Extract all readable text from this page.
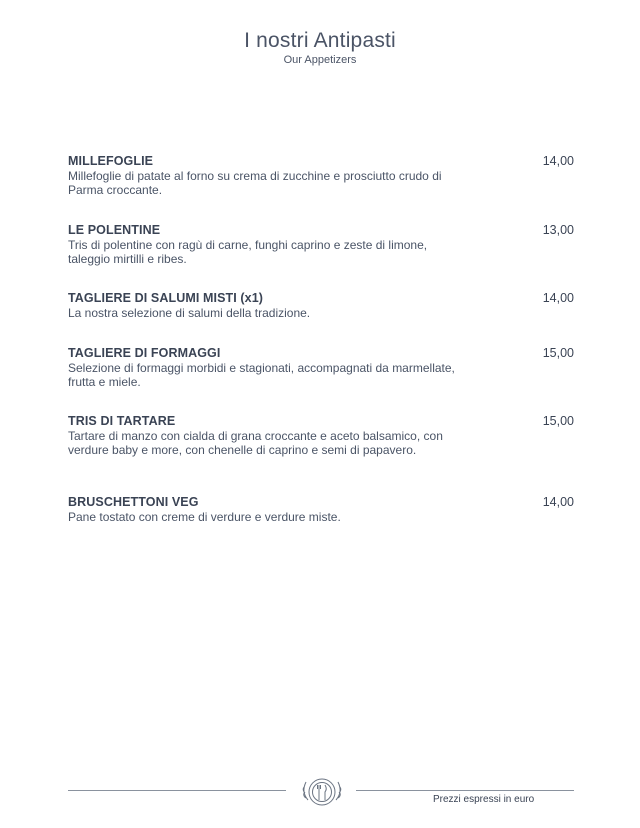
I nostri Antipasti
Our Appetizers
MILLEFOGLIE
Millefoglie di patate al forno su crema di zucchine e prosciutto crudo di Parma croccante.
14,00
LE POLENTINE
Tris di polentine con ragù di carne, funghi caprino e zeste di limone, taleggio mirtilli e ribes.
13,00
TAGLIERE DI SALUMI MISTI (x1)
La nostra selezione di salumi della tradizione.
14,00
TAGLIERE DI FORMAGGI
Selezione di formaggi morbidi e stagionati, accompagnati da marmellate, frutta e miele.
15,00
TRIS DI TARTARE
Tartare di manzo con cialda di grana croccante e aceto balsamico, con verdure baby e more, con chenelle di caprino e semi di papavero.
15,00
BRUSCHETTONI VEG
Pane tostato con creme di verdure e verdure miste.
14,00
Prezzi espressi in euro
